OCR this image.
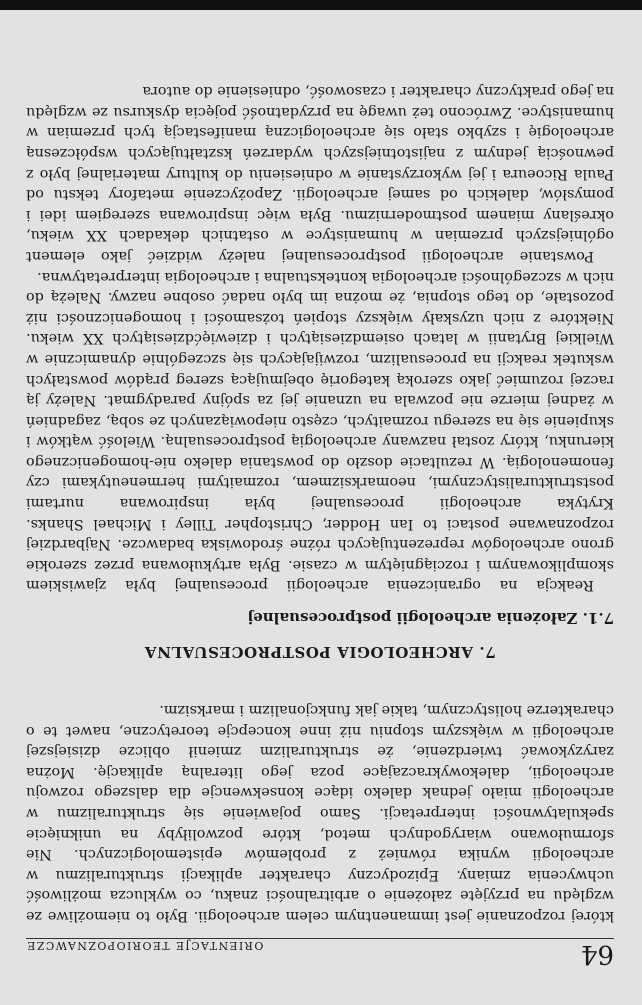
64
ORIENTACJE TEORIOPOZNAWCZE

której rozpoznanie jest immanentnym celem archeologii. Było to niemożliwe ze względu na przyjęte założenie o arbitralności znaku, co wyklucza możliwość uchwycenia zmiany. Epizodyczny charakter aplikacji strukturalizmu w archeologii wynika również z problemów epistemologicznych. Nie sformułowano wiarygodnych metod, które pozwoliłyby na uniknięcie spekulatywności interpretacji. Samo pojawienie się strukturalizmu w archeologii miało jednak daleko idące konsekwencje dla dalszego rozwoju archeologii, dalekowykraczające poza jego literalną aplikację. Można zaryzykować twierdzenie, że strukturalizm zmienił oblicze dzisiejszej archeologii w większym stopniu niż inne koncepcje teoretyczne, nawet te o charakterze holistycznym, takie jak funkcjonalizm i marksizm.

7. ARCHEOLOGIA POSTPROCESUALNA
7.1. Założenia archeologii postprocesualnej

Reakcja na ograniczenia archeologii procesualnej była zjawiskiem skomplikowanym i rozciągniętym w czasie. Była artykułowana przez szerokie grono archeologów reprezentujących różne środowiska badawcze. Najbardziej rozpoznawane postaci to Ian Hodder, Christopher Tilley i Michael Shanks. Krytyka archeologii procesualnej była inspirowana nurtami poststrukturalistycznymi, neomarksizmem, rozmaitymi hermeneutykami czy fenomenologią. W rezultacie doszło do powstania daleko nie-homogenicznego kierunku, który został nazwany archeologią postprocesualną. Wielość wątków i skupienie się na szeregu rozmaitych, często niepowiązanych ze sobą, zagadnień w żadnej mierze nie pozwala na uznanie jej za spójny paradygmat. Należy ją raczej rozumieć jako szeroką kategorię obejmującą szereg prądów powstałych wskutek reakcji na procesualizm, rozwijających się szczególnie dynamicznie w Wielkiej Brytanii w latach osiemdziesiątych i dziewięćdziesiątych XX wieku. Niektóre z nich uzyskały większy stopień tożsamości i homogeniczności niż pozostałe, do tego stopnia, że można im było nadać osobne nazwy. Należą do nich w szczególności archeologia kontekstualna i archeologia interpretatywna.

Powstanie archeologii postprocesualnej należy widzieć jako element ogólniejszych przemian w humanistyce w ostatnich dekadach XX wieku, określany mianem postmodernizmu. Była więc inspirowana szeregiem idei i pomysłów, dalekich od samej archeologii. Zapożyczenie metafory tekstu od Paula Ricoeura i jej wykorzystanie w odniesieniu do kultury materialnej było z pewnością jednym z najistotniejszych wydarzeń kształtujących współczesną archeologię i szybko stało się archeologiczną manifestacją tych przemian w humanistyce. Zwrócono też uwagę na przydatność pojęcia dyskursu ze względu na jego praktyczny charakter i czasowość, odniesienie do autora
